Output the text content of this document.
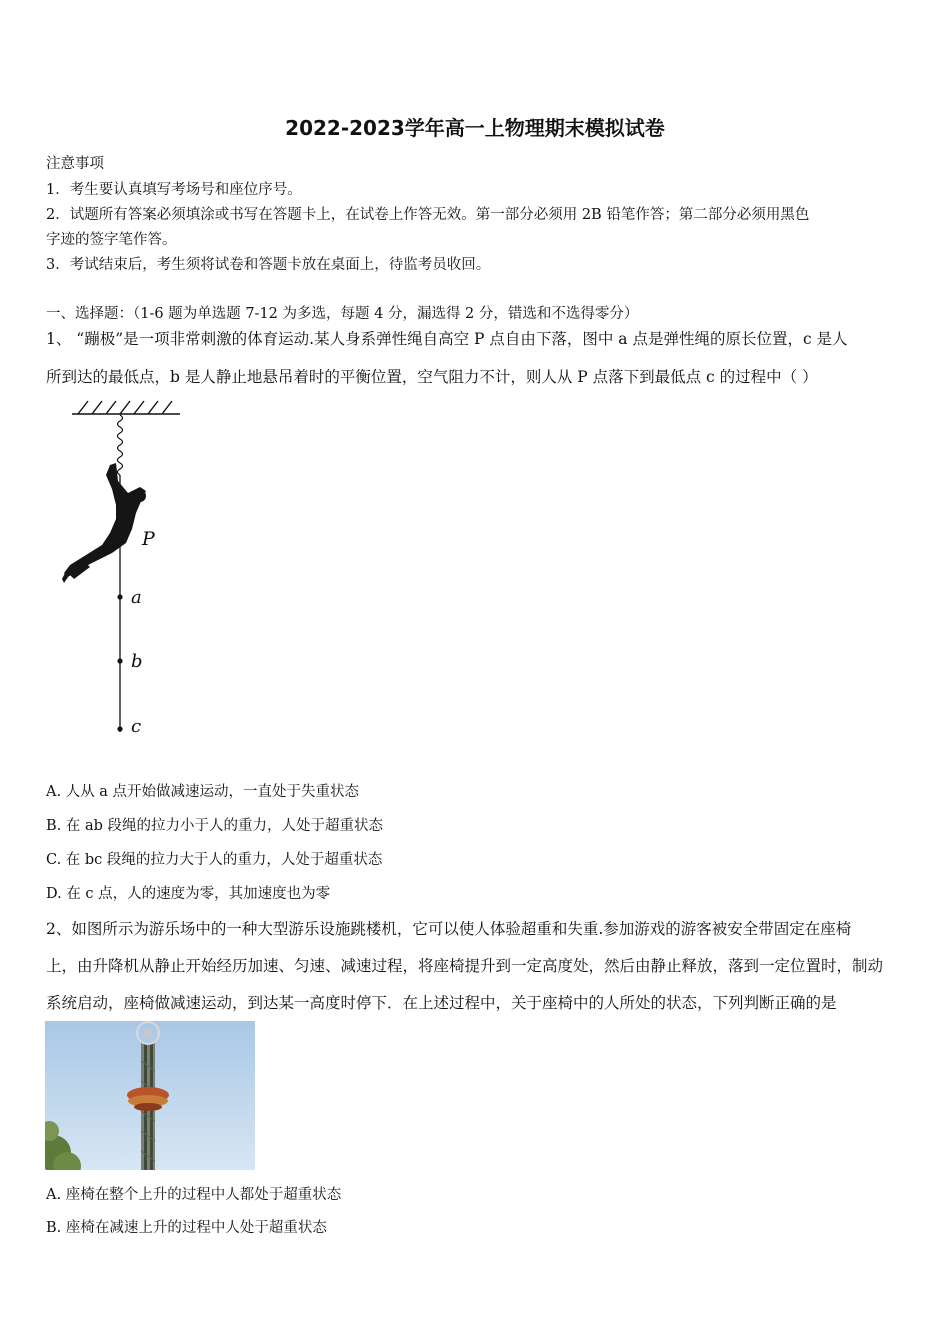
2022-2023学年高一上物理期末模拟试卷
注意事项
1．考生要认真填写考场号和座位序号。
2．试题所有答案必须填涂或书写在答题卡上，在试卷上作答无效。第一部分必须用 2B 铅笔作答；第二部分必须用黑色
字迹的签字笔作答。
3．考试结束后，考生须将试卷和答题卡放在桌面上，待监考员收回。
一、选择题：（1-6 题为单选题 7-12 为多选，每题 4 分，漏选得 2 分，错选和不选得零分）
1、 “蹦极”是一项非常刺激的体育运动.某人身系弹性绳自高空 P 点自由下落，图中 a 点是弹性绳的原长位置，c 是人
所到达的最低点，b 是人静止地悬吊着时的平衡位置，空气阻力不计，则人从 P 点落下到最低点 c 的过程中（ ）
P
a
b
c
A. 人从 a 点开始做减速运动，一直处于失重状态
B. 在 ab 段绳的拉力小于人的重力，人处于超重状态
C. 在 bc 段绳的拉力大于人的重力，人处于超重状态
D. 在 c 点，人的速度为零，其加速度也为零
2、如图所示为游乐场中的一种大型游乐设施跳楼机，它可以使人体验超重和失重.参加游戏的游客被安全带固定在座椅
上，由升降机从静止开始经历加速、匀速、减速过程，将座椅提升到一定高度处，然后由静止释放，落到一定位置时，制动
系统启动，座椅做减速运动，到达某一高度时停下．在上述过程中，关于座椅中的人所处的状态，下列判断正确的是
A. 座椅在整个上升的过程中人都处于超重状态
B. 座椅在减速上升的过程中人处于超重状态
